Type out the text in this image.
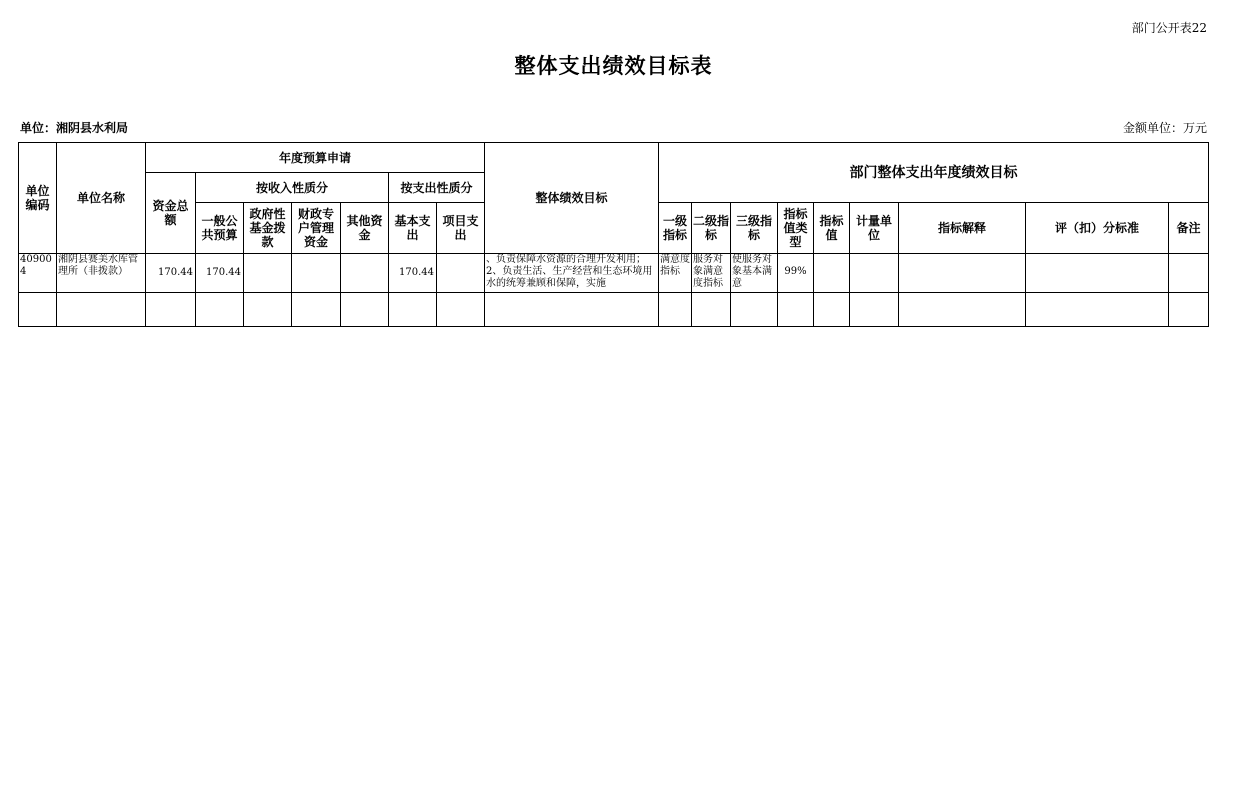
部门公开表22
整体支出绩效目标表
单位：湘阴县水利局	金额单位：万元
单位编码	单位名称	年度预算申请							整体绩效目标	部门整体支出年度绩效目标								
		资金总额	按收入性质分				按支出性质分											
			一般公共预算	政府性基金拨款	财政专户管理资金	其他资金	基本支出	项目支出		一级指标	二级指标	三级指标	指标值类型	指标值	计量单位	指标解释	评（扣）分标准	备注

409004	湘阴县赛美水库管理所（非拨款）	170.44	170.44				170.44		、负责保障水资源的合理开发利用；2、负责生活、生产经营和生态环境用水的统筹兼顾和保障，实施	满意度指标	服务对象满意度指标	使服务对象基本满意	99%					
